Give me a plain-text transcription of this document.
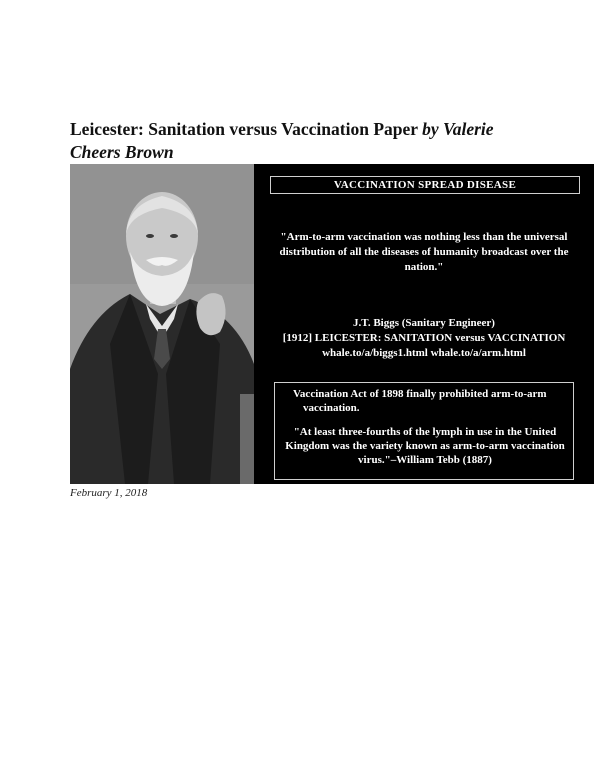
Leicester: Sanitation versus Vaccination Paper by Valerie Cheers Brown
VACCINATION SPREAD DISEASE
"Arm-to-arm vaccination was nothing less than the universal distribution of all the diseases of humanity broadcast over the nation."
J.T. Biggs (Sanitary Engineer)
[1912] LEICESTER: SANITATION versus VACCINATION
whale.to/a/biggs1.html whale.to/a/arm.html

Vaccination Act of 1898 finally prohibited arm-to-arm vaccination.

"At least three-fourths of the lymph in use in the United Kingdom was the variety known as arm-to-arm vaccination virus."–William Tebb (1887)

February 1, 2018
